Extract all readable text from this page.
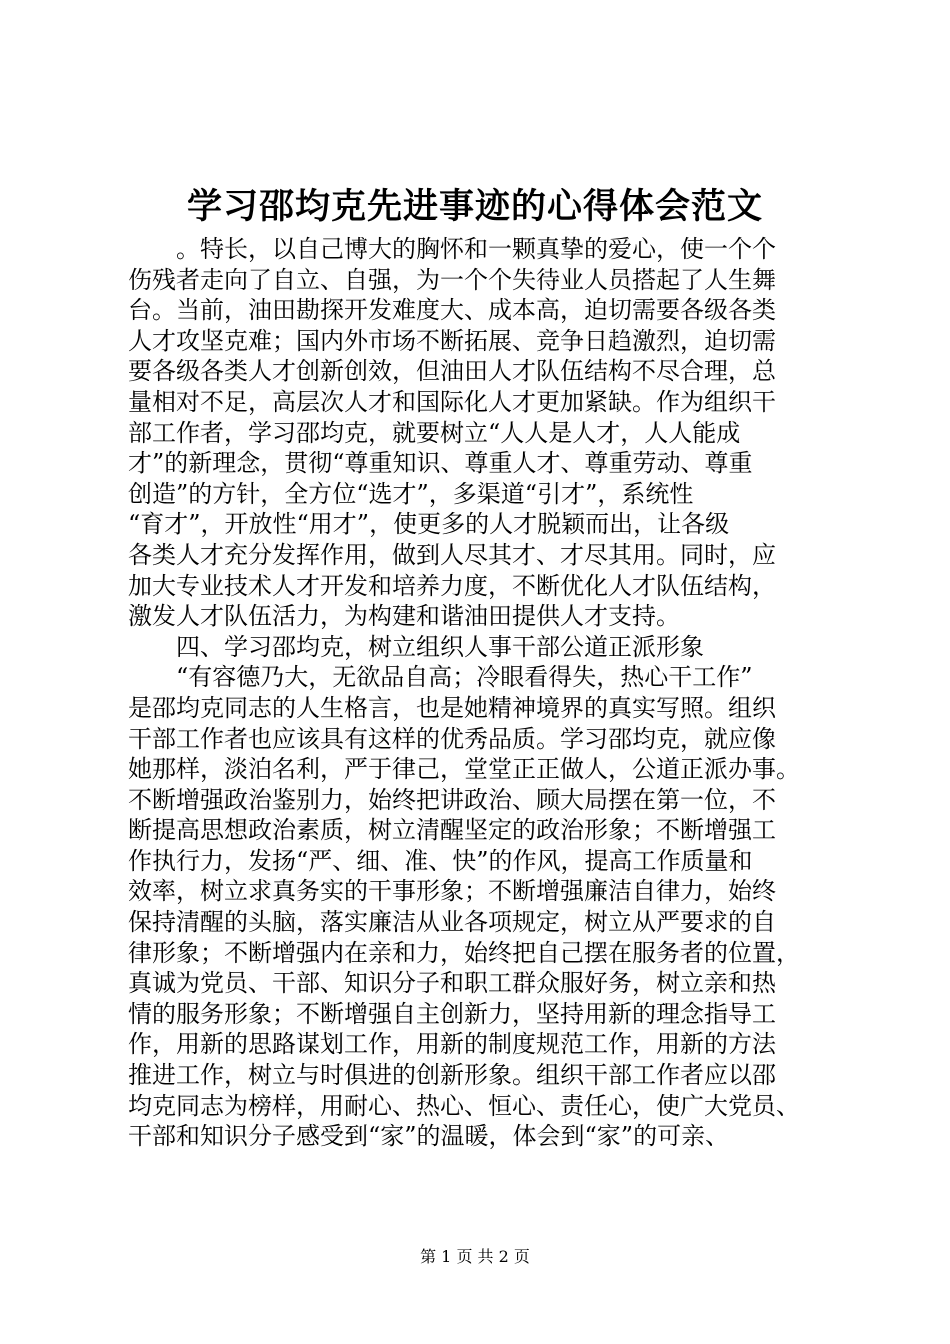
学习邵均克先进事迹的心得体会范文
　　。特长，以自己博大的胸怀和一颗真挚的爱心，使一个个
伤残者走向了自立、自强，为一个个失待业人员搭起了人生舞
台。当前，油田勘探开发难度大、成本高，迫切需要各级各类
人才攻坚克难；国内外市场不断拓展、竞争日趋激烈，迫切需
要各级各类人才创新创效，但油田人才队伍结构不尽合理，总
量相对不足，高层次人才和国际化人才更加紧缺。作为组织干
部工作者，学习邵均克，就要树立“人人是人才，人人能成
才”的新理念，贯彻“尊重知识、尊重人才、尊重劳动、尊重
创造”的方针，全方位“选才”，多渠道“引才”，系统性
“育才”，开放性“用才”，使更多的人才脱颖而出，让各级
各类人才充分发挥作用，做到人尽其才、才尽其用。同时，应
加大专业技术人才开发和培养力度，不断优化人才队伍结构，
激发人才队伍活力，为构建和谐油田提供人才支持。
　　四、学习邵均克，树立组织人事干部公道正派形象
　　“有容德乃大，无欲品自高；冷眼看得失，热心干工作”
是邵均克同志的人生格言，也是她精神境界的真实写照。组织
干部工作者也应该具有这样的优秀品质。学习邵均克，就应像
她那样，淡泊名利，严于律己，堂堂正正做人，公道正派办事。
不断增强政治鉴别力，始终把讲政治、顾大局摆在第一位，不
断提高思想政治素质，树立清醒坚定的政治形象；不断增强工
作执行力，发扬“严、细、准、快”的作风，提高工作质量和
效率，树立求真务实的干事形象；不断增强廉洁自律力，始终
保持清醒的头脑，落实廉洁从业各项规定，树立从严要求的自
律形象；不断增强内在亲和力，始终把自己摆在服务者的位置，
真诚为党员、干部、知识分子和职工群众服好务，树立亲和热
情的服务形象；不断增强自主创新力，坚持用新的理念指导工
作，用新的思路谋划工作，用新的制度规范工作，用新的方法
推进工作，树立与时俱进的创新形象。组织干部工作者应以邵
均克同志为榜样，用耐心、热心、恒心、责任心，使广大党员、
干部和知识分子感受到“家”的温暖，体会到“家”的可亲、
第 1 页 共 2 页
